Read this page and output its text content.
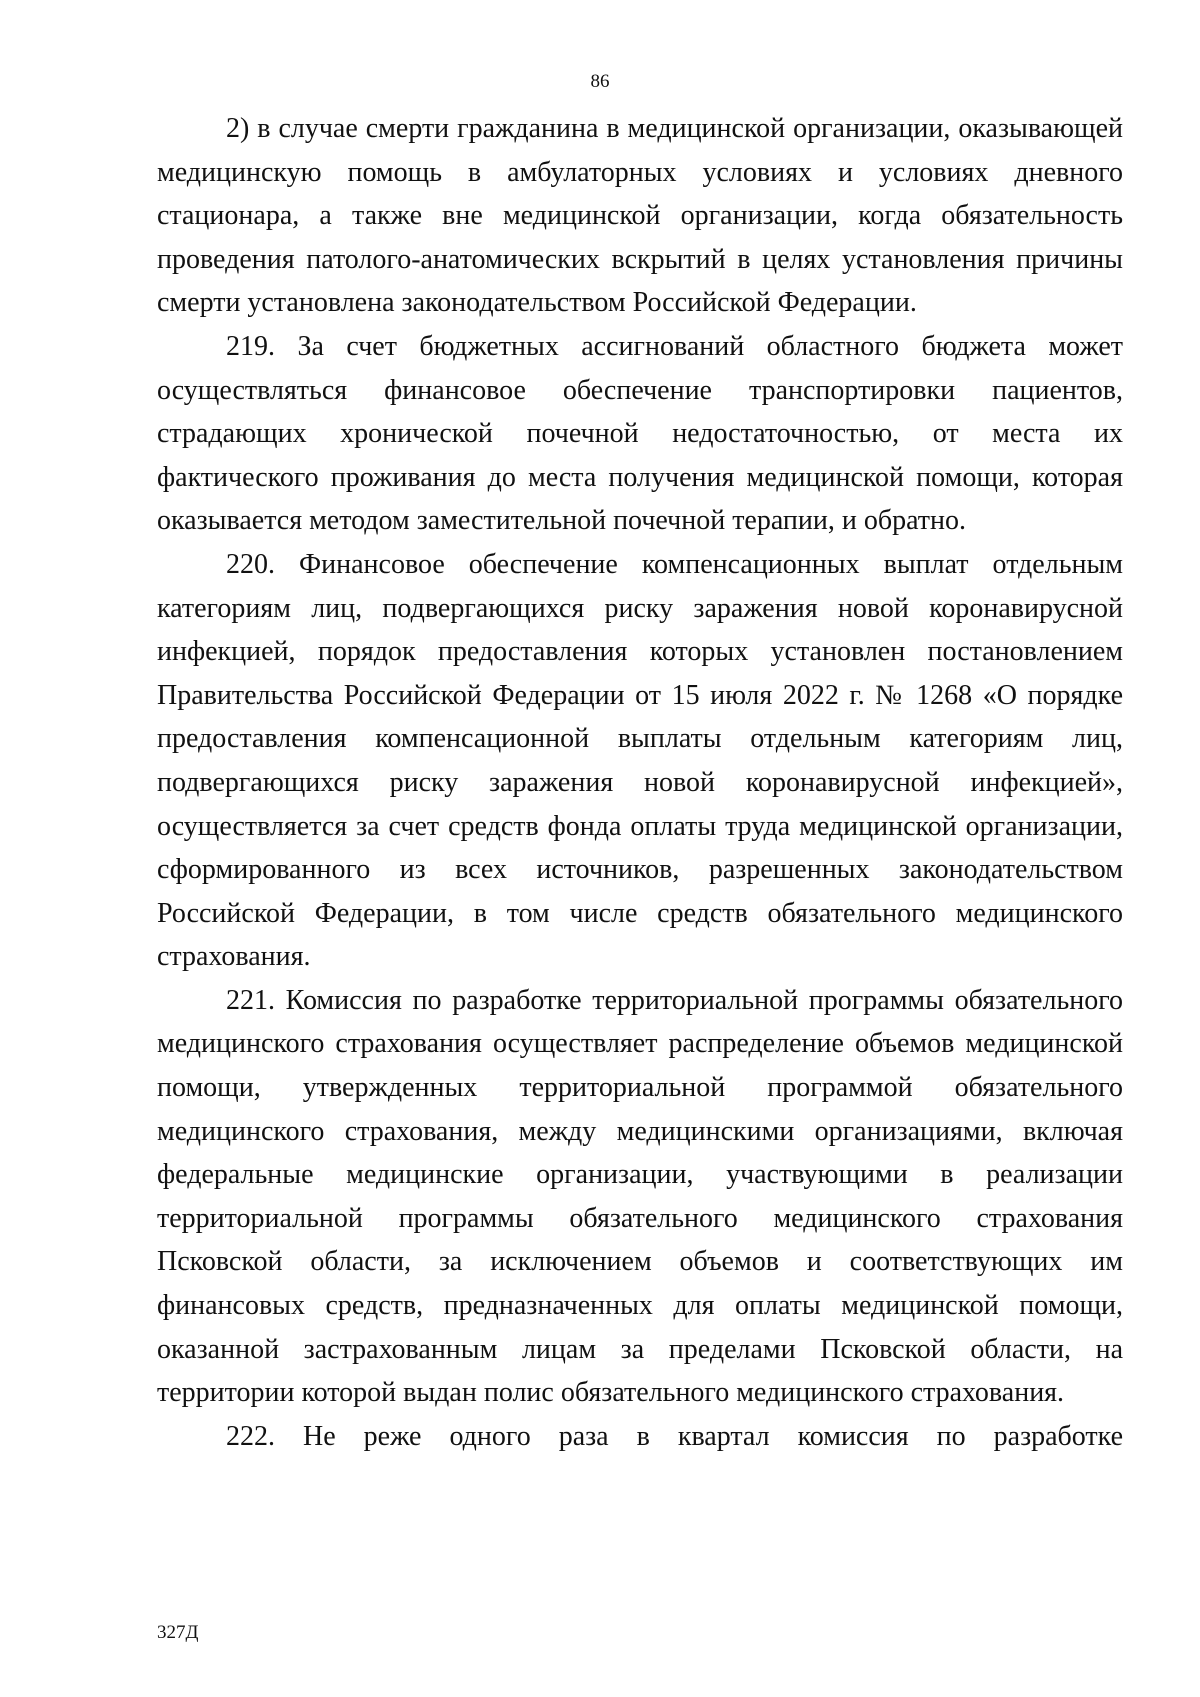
86

2) в случае смерти гражданина в медицинской организации, оказывающей медицинскую помощь в амбулаторных условиях и условиях дневного стационара, а также вне медицинской организации, когда обязательность проведения патолого-анатомических вскрытий в целях установления причины смерти установлена законодательством Российской Федерации.

219. За счет бюджетных ассигнований областного бюджета может осуществляться финансовое обеспечение транспортировки пациентов, страдающих хронической почечной недостаточностью, от места их фактического проживания до места получения медицинской помощи, которая оказывается методом заместительной почечной терапии, и обратно.

220. Финансовое обеспечение компенсационных выплат отдельным категориям лиц, подвергающихся риску заражения новой коронавирусной инфекцией, порядок предоставления которых установлен постановлением Правительства Российской Федерации от 15 июля 2022 г. № 1268 «О порядке предоставления компенсационной выплаты отдельным категориям лиц, подвергающихся риску заражения новой коронавирусной инфекцией», осуществляется за счет средств фонда оплаты труда медицинской организации, сформированного из всех источников, разрешенных законодательством Российской Федерации, в том числе средств обязательного медицинского страхования.

221. Комиссия по разработке территориальной программы обязательного медицинского страхования осуществляет распределение объемов медицинской помощи, утвержденных территориальной программой обязательного медицинского страхования, между медицинскими организациями, включая федеральные медицинские организации, участвующими в реализации территориальной программы обязательного медицинского страхования Псковской области, за исключением объемов и соответствующих им финансовых средств, предназначенных для оплаты медицинской помощи, оказанной застрахованным лицам за пределами Псковской области, на территории которой выдан полис обязательного медицинского страхования.

222. Не реже одного раза в квартал комиссия по разработке

327Д
